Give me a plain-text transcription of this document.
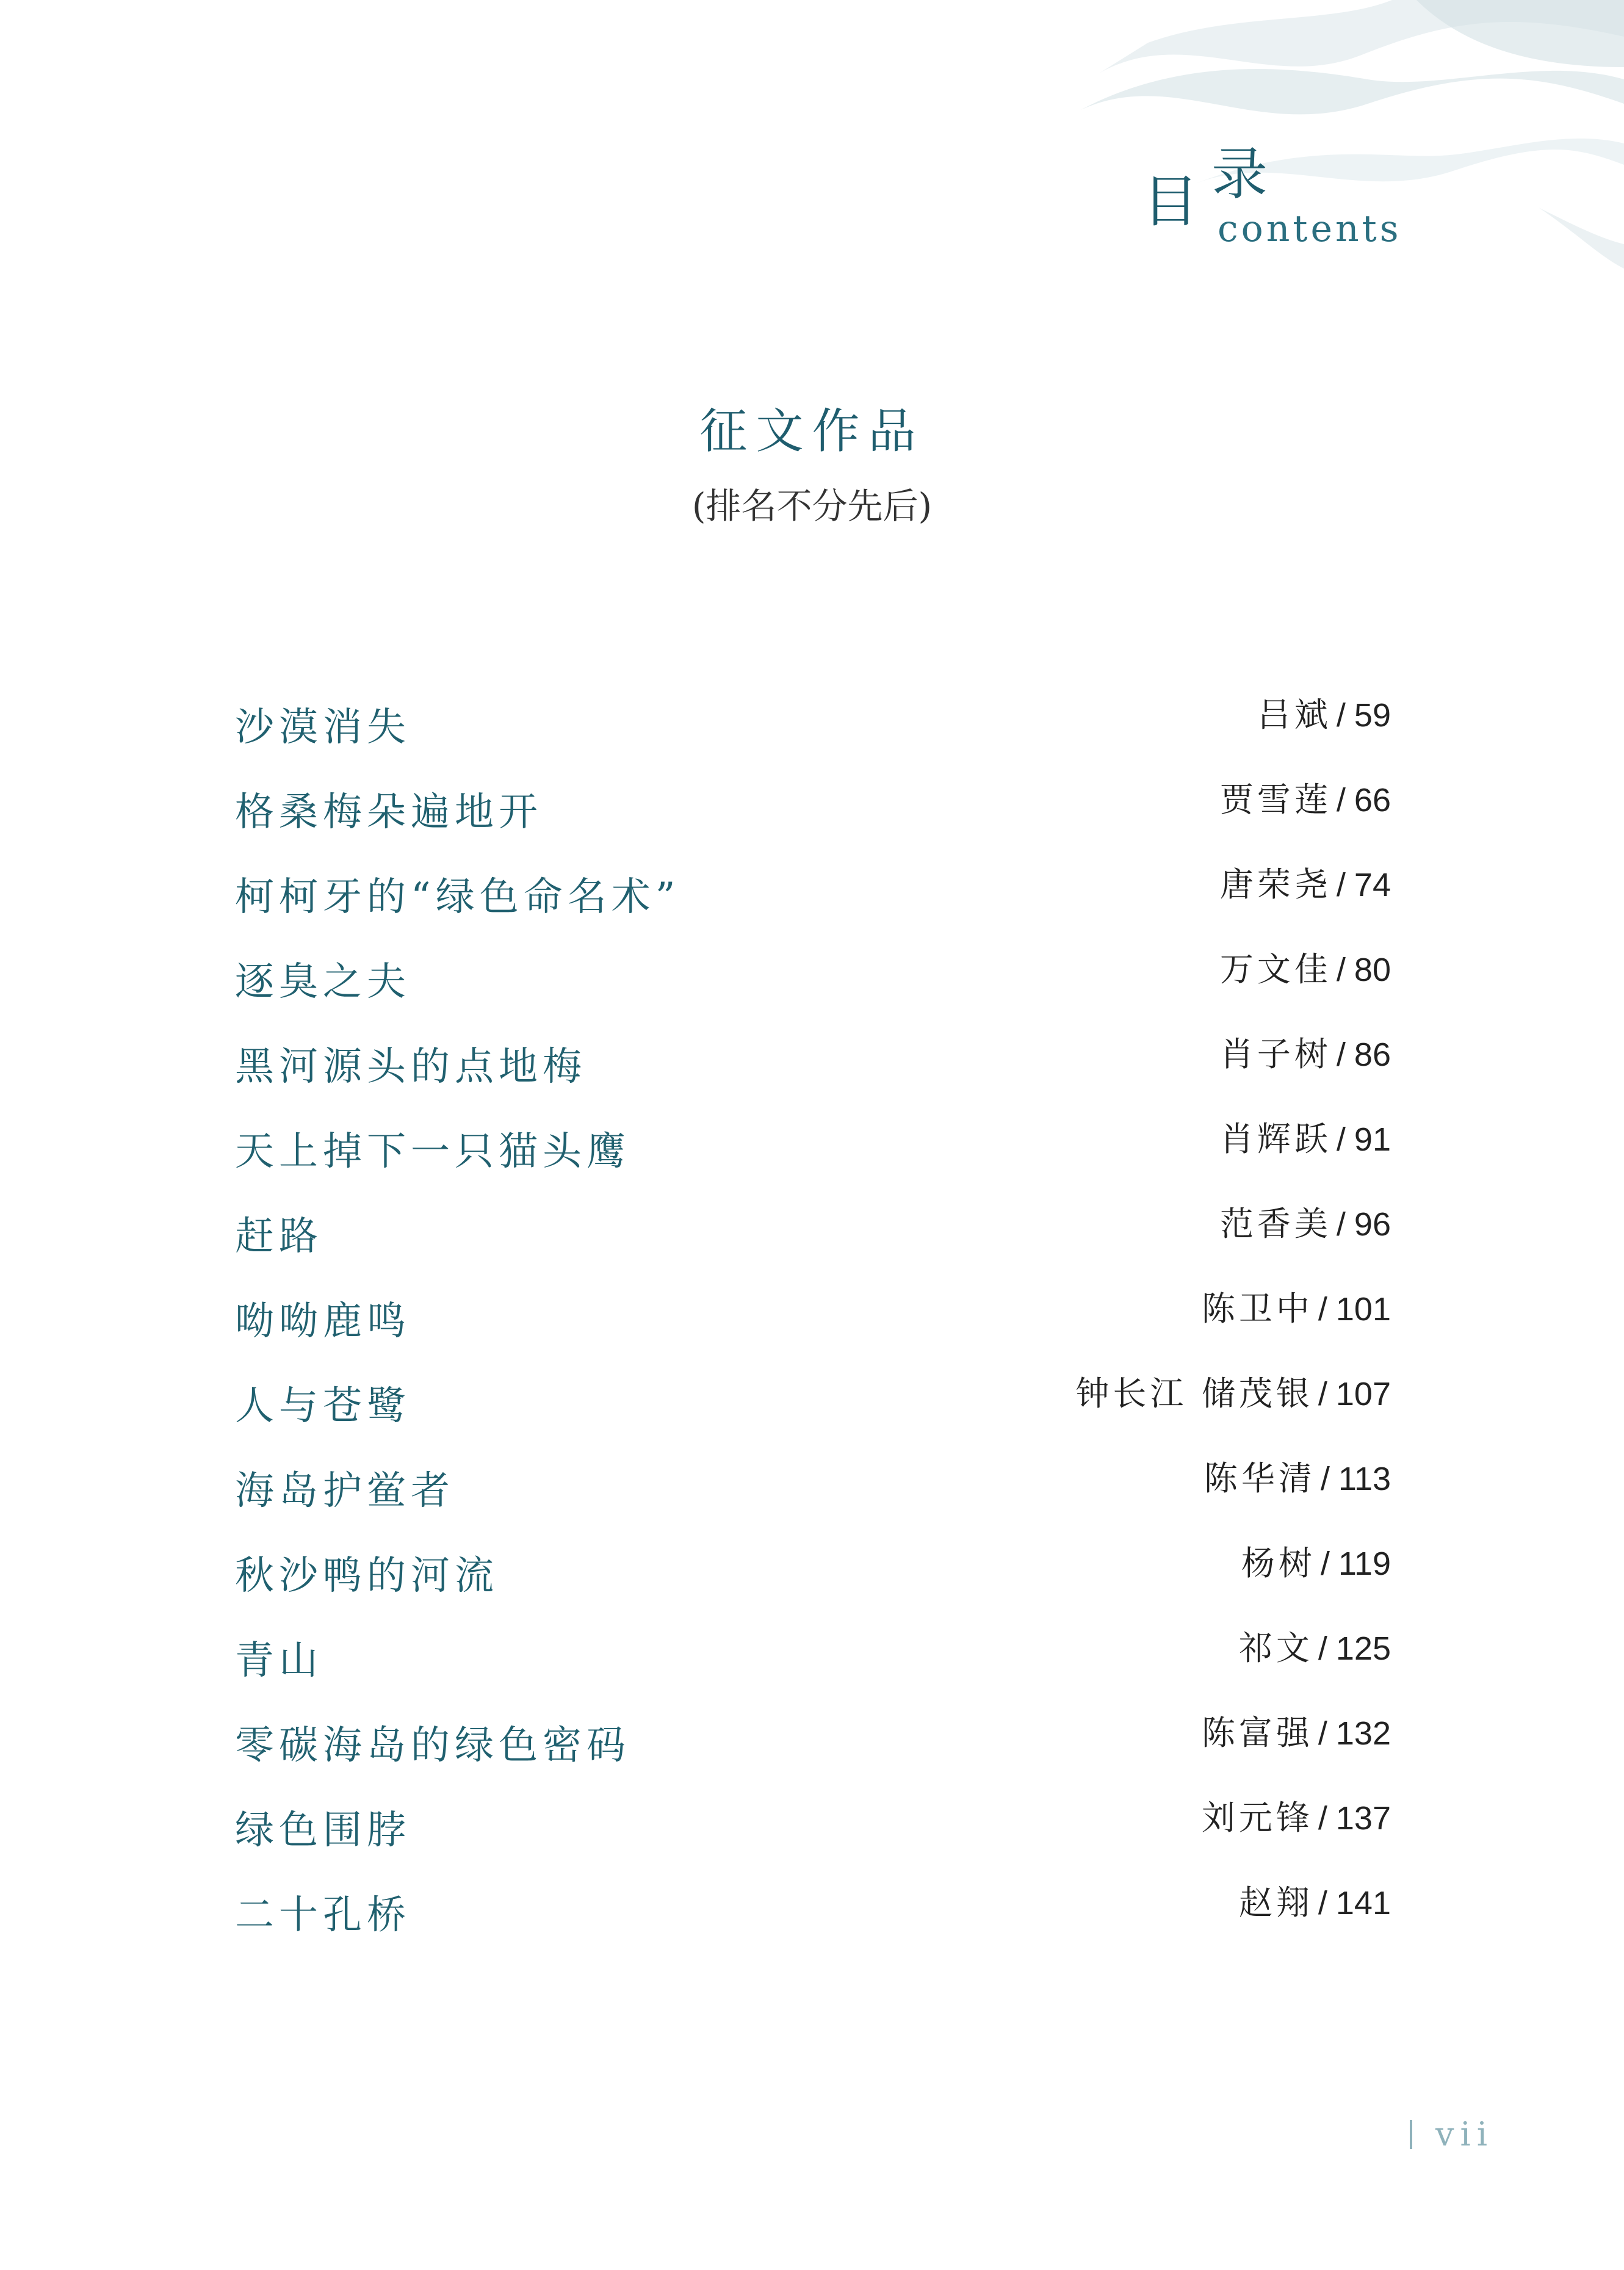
目 录
contents
征文作品
(排名不分先后)
沙漠消失	吕斌 / 59
格桑梅朵遍地开	贾雪莲 / 66
柯柯牙的“绿色命名术”	唐荣尧 / 74
逐臭之夫	万文佳 / 80
黑河源头的点地梅	肖子树 / 86
天上掉下一只猫头鹰	肖辉跃 / 91
赶路	范香美 / 96
呦呦鹿鸣	陈卫中 / 101
人与苍鹭	钟长江 储茂银 / 107
海岛护鲎者	陈华清 / 113
秋沙鸭的河流	杨树 / 119
青山	祁文 / 125
零碳海岛的绿色密码	陈富强 / 132
绿色围脖	刘元锋 / 137
二十孔桥	赵翔 / 141
vii
